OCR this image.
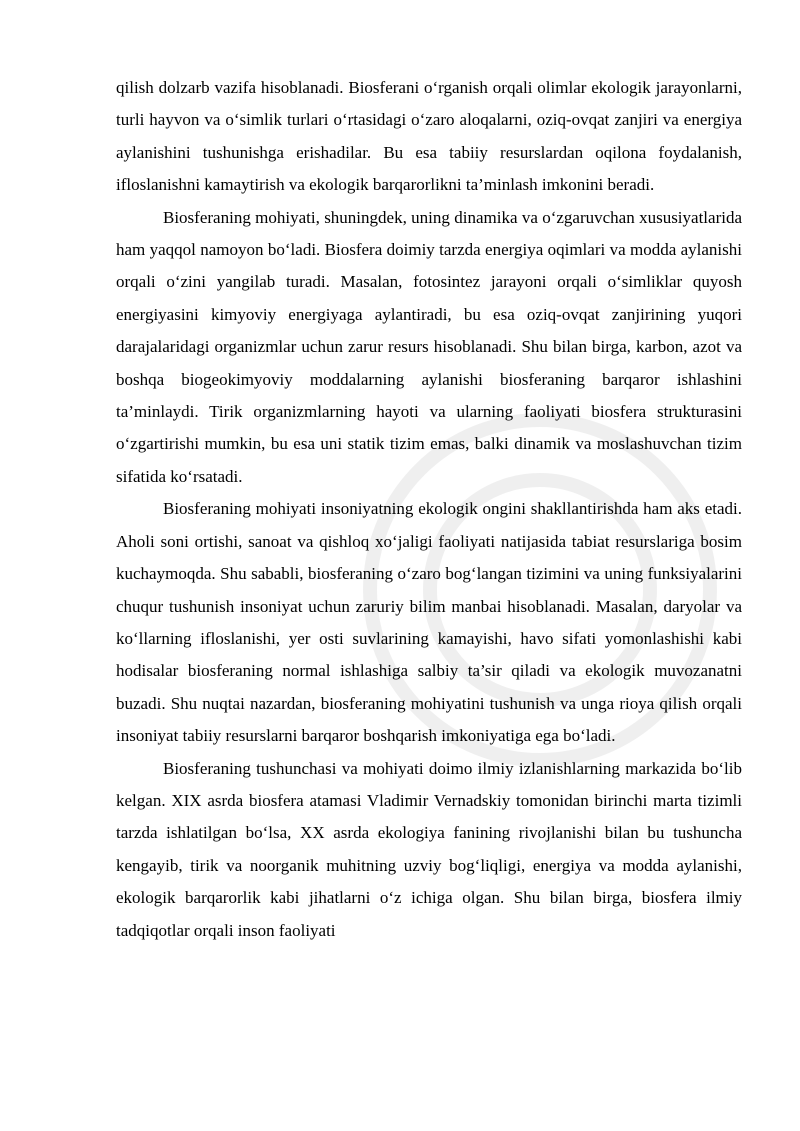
qilish dolzarb vazifa hisoblanadi. Biosferani o‘rganish orqali olimlar ekologik jarayonlarni, turli hayvon va o‘simlik turlari o‘rtasidagi o‘zaro aloqalarni, oziq-ovqat zanjiri va energiya aylanishini tushunishga erishadilar. Bu esa tabiiy resurslardan oqilona foydalanish, ifloslanishni kamaytirish va ekologik barqarorlikni ta’minlash imkonini beradi.

Biosferaning mohiyati, shuningdek, uning dinamika va o‘zgaruvchan xususiyatlarida ham yaqqol namoyon bo‘ladi. Biosfera doimiy tarzda energiya oqimlari va modda aylanishi orqali o‘zini yangilab turadi. Masalan, fotosintez jarayoni orqali o‘simliklar quyosh energiyasini kimyoviy energiyaga aylantiradi, bu esa oziq-ovqat zanjirining yuqori darajalaridagi organizmlar uchun zarur resurs hisoblanadi. Shu bilan birga, karbon, azot va boshqa biogeokimyoviy moddalarning aylanishi biosferaning barqaror ishlashini ta’minlaydi. Tirik organizmlarning hayoti va ularning faoliyati biosfera strukturasini o‘zgartirishi mumkin, bu esa uni statik tizim emas, balki dinamik va moslashuvchan tizim sifatida ko‘rsatadi.

Biosferaning mohiyati insoniyatning ekologik ongini shakllantirishda ham aks etadi. Aholi soni ortishi, sanoat va qishloq xo‘jaligi faoliyati natijasida tabiat resurslariga bosim kuchaymoqda. Shu sababli, biosferaning o‘zaro bog‘langan tizimini va uning funksiyalarini chuqur tushunish insoniyat uchun zaruriy bilim manbai hisoblanadi. Masalan, daryolar va ko‘llarning ifloslanishi, yer osti suvlarining kamayishi, havo sifati yomonlashishi kabi hodisalar biosferaning normal ishlashiga salbiy ta’sir qiladi va ekologik muvozanatni buzadi. Shu nuqtai nazardan, biosferaning mohiyatini tushunish va unga rioya qilish orqali insoniyat tabiiy resurslarni barqaror boshqarish imkoniyatiga ega bo‘ladi.

Biosferaning tushunchasi va mohiyati doimo ilmiy izlanishlarning markazida bo‘lib kelgan. XIX asrda biosfera atamasi Vladimir Vernadskiy tomonidan birinchi marta tizimli tarzda ishlatilgan bo‘lsa, XX asrda ekologiya fanining rivojlanishi bilan bu tushuncha kengayib, tirik va noorganik muhitning uzviy bog‘liqligi, energiya va modda aylanishi, ekologik barqarorlik kabi jihatlarni o‘z ichiga olgan. Shu bilan birga, biosfera ilmiy tadqiqotlar orqali inson faoliyati
